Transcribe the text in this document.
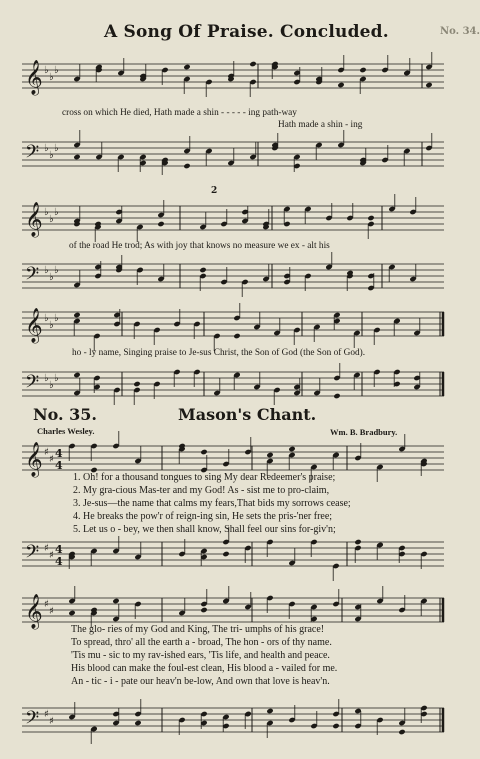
A Song Of Praise. Concluded.	No. 34.
𝄞 ♭
♭
♭
cross on which He died, Hath made a shin - - - - - ing path-way
Hath made a shin - ing
𝄢 ♭
♭
♭
2
𝄞 ♭
♭
♭
of the road He trod; As with joy that knows no measure we ex - alt his
𝄢 ♭
♭
♭
𝄞 ♭
♭
♭
ho - ly name, Singing praise to Je-sus Christ, the Son of God (the Son of God).
𝄢 ♭
♭
♭
No. 35.	Mason's Chant.
Charles Wesley.	Wm. B. Bradbury.
𝄞 ♯
♯ 4
4
1. Oh! for a thousand tongues to sing My dear Redeemer's praise;
2. My gra-cious Mas-ter and my God! As - sist me to pro-claim,
3. Je-sus—the name that calms my fears,That bids my sorrows cease;
4. He breaks the pow'r of reign-ing sin, He sets the pris-'ner free;
5. Let us o - bey, we then shall know, Shall feel our sins for-giv'n;
𝄢 ♯
♯ 4
4
𝄞 ♯
♯
The glo- ries of my God and King, The tri- umphs of his grace!
To spread, thro' all the earth a - broad, The hon - ors of thy name.
'Tis mu - sic to my rav-ished ears, 'Tis life, and health and peace.
His blood can make the foul-est clean, His blood a - vailed for me.
An - tic - i - pate our heav'n be-low, And own that love is heav'n.
𝄢 ♯
♯
